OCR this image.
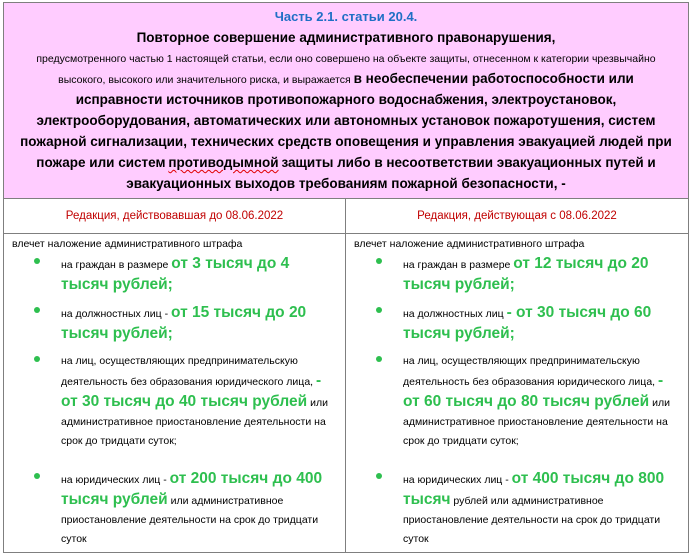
Часть 2.1. статьи 20.4.
Повторное совершение административного правонарушения,
предусмотренного частью 1 настоящей статьи, если оно совершено на объекте защиты, отнесенном к категории чрезвычайно высокого, высокого или значительного риска, и выражается в необеспечении работоспособности или исправности источников противопожарного водоснабжения, электроустановок, электрооборудования, автоматических или автономных установок пожаротушения, систем пожарной сигнализации, технических средств оповещения и управления эвакуацией людей при пожаре или систем противодымной защиты либо в несоответствии эвакуационных путей и эвакуационных выходов требованиям пожарной безопасности, -
Редакция, действовавшая до 08.06.2022
влечет наложение административного штрафа
на граждан в размере от 3 тысяч до 4 тысяч рублей;
на должностных лиц - от 15 тысяч до 20 тысяч рублей;
на лиц, осуществляющих предпринимательскую деятельность без образования юридического лица, - от 30 тысяч до 40 тысяч рублей или административное приостановление деятельности на срок до тридцати суток;
на юридических лиц - от 200 тысяч до 400 тысяч рублей или административное приостановление деятельности на срок до тридцати суток
Редакция, действующая с 08.06.2022
влечет наложение административного штрафа
на граждан в размере от 12 тысяч до 20 тысяч рублей;
на должностных лиц - от 30 тысяч до 60 тысяч рублей;
на лиц, осуществляющих предпринимательскую деятельность без образования юридического лица, - от 60 тысяч до 80 тысяч рублей или административное приостановление деятельности на срок до тридцати суток;
на юридических лиц - от 400 тысяч до 800 тысяч рублей или административное приостановление деятельности на срок до тридцати суток
